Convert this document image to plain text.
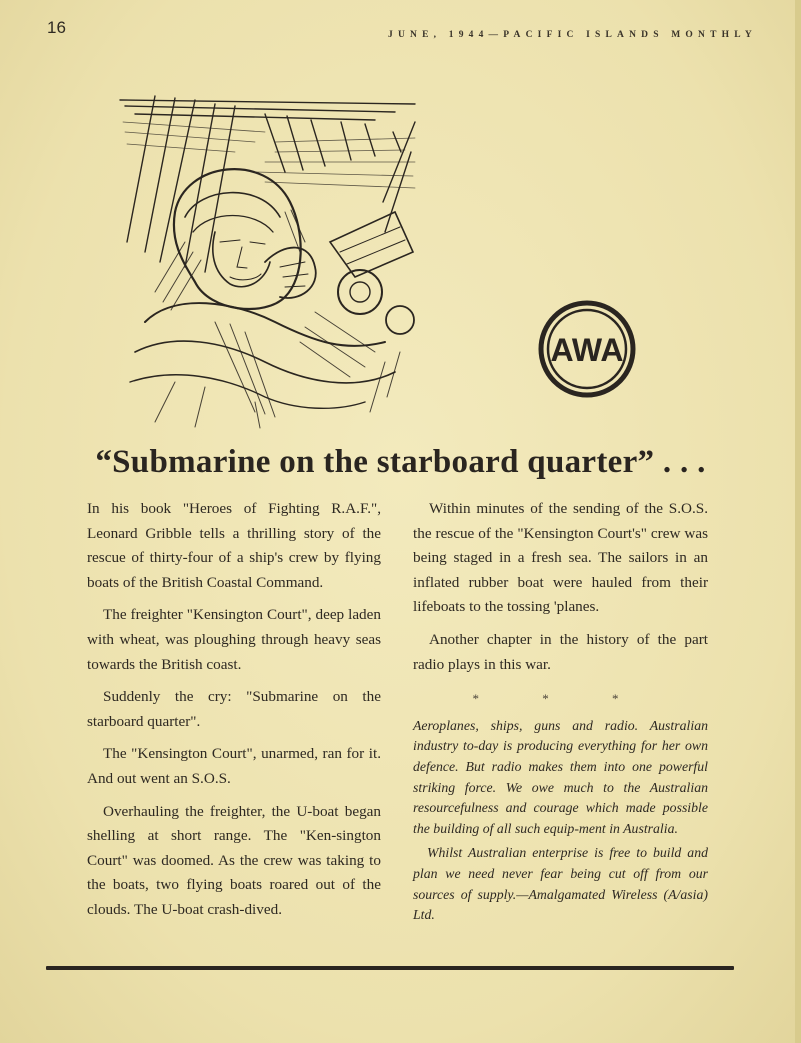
16	JUNE, 1944—PACIFIC ISLANDS MONTHLY
AWA
“Submarine on the starboard quarter” . . .

In his book "Heroes of Fighting R.A.F.", Leonard Gribble tells a thrilling story of the rescue of thirty-four of a ship's crew by flying boats of the British Coastal Command.

The freighter "Kensington Court", deep laden with wheat, was ploughing through heavy seas towards the British coast.

Suddenly the cry: "Submarine on the starboard quarter".

The "Kensington Court", unarmed, ran for it. And out went an S.O.S.

Overhauling the freighter, the U-boat began shelling at short range. The "Ken-sington Court" was doomed. As the crew was taking to the boats, two flying boats roared out of the clouds. The U-boat crash-dived.

Within minutes of the sending of the S.O.S. the rescue of the "Kensington Court's" crew was being staged in a fresh sea. The sailors in an inflated rubber boat were hauled from their lifeboats to the tossing 'planes.

Another chapter in the history of the part radio plays in this war.

* * *

Aeroplanes, ships, guns and radio. Australian industry to-day is producing everything for her own defence. But radio makes them into one powerful striking force. We owe much to the Australian resourcefulness and courage which made possible the building of all such equip-ment in Australia.

Whilst Australian enterprise is free to build and plan we need never fear being cut off from our sources of supply.—Amalgamated Wireless (A/asia) Ltd.
